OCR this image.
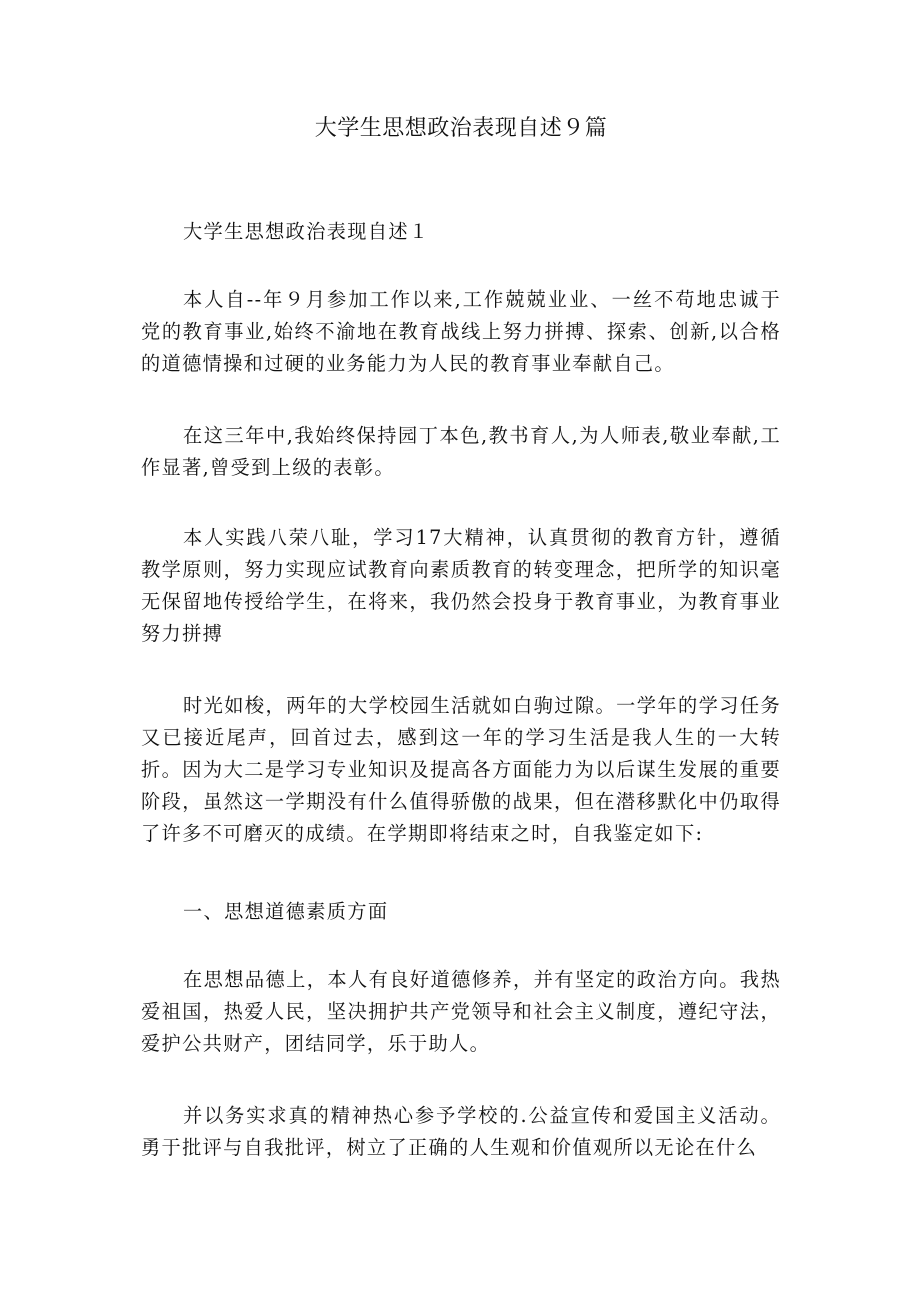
大学生思想政治表现自述９篇

大学生思想政治表现自述１

本人自--年９月参加工作以来,工作兢兢业业、一丝不苟地忠诚于党的教育事业,始终不渝地在教育战线上努力拼搏、探索、创新,以合格的道德情操和过硬的业务能力为人民的教育事业奉献自己。

在这三年中,我始终保持园丁本色,教书育人,为人师表,敬业奉献,工作显著,曾受到上级的表彰。

本人实践八荣八耻，学习17大精神，认真贯彻的教育方针，遵循教学原则，努力实现应试教育向素质教育的转变理念，把所学的知识毫无保留地传授给学生，在将来，我仍然会投身于教育事业，为教育事业努力拼搏

时光如梭，两年的大学校园生活就如白驹过隙。一学年的学习任务又已接近尾声，回首过去，感到这一年的学习生活是我人生的一大转折。因为大二是学习专业知识及提高各方面能力为以后谋生发展的重要阶段，虽然这一学期没有什么值得骄傲的战果，但在潜移默化中仍取得了许多不可磨灭的成绩。在学期即将结束之时，自我鉴定如下:

一、思想道德素质方面

在思想品德上，本人有良好道德修养，并有坚定的政治方向。我热爱祖国，热爱人民，坚决拥护共产党领导和社会主义制度，遵纪守法，爱护公共财产，团结同学，乐于助人。

并以务实求真的精神热心参予学校的.公益宣传和爱国主义活动。勇于批评与自我批评，树立了正确的人生观和价值观所以无论在什么
